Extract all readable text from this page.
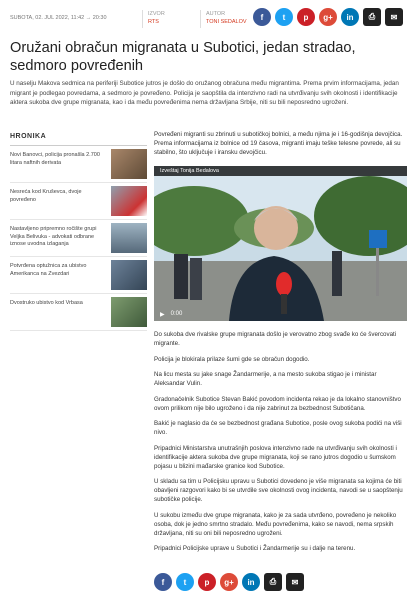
SUBOTA, 02. JUL 2022, 11:42 → 20:30
IZVOR
RTS
AUTOR
TONI SEDALOV
f	t	p	g+	in	⎙	✉
Oružani obračun migranata u Subotici, jedan stradao, sedmoro povređenih

U naselju Makova sedmica na periferiji Subotice jutros je došlo do oružanog obračuna među migrantima. Prema prvim informacijama, jedan migrant je podlegao povredama, a sedmoro je povređeno. Policija je saopštila da intenzivno radi na utvrđivanju svih okolnosti i identifikacije aktera sukoba dve grupe migranata, kao i da među povređenima nema državljana Srbije, niti su bili neposredno ugroženi.

HRONIKA
Novi Banovci, policija pronašla 2.700 litara naftnih derivata
Nesreća kod Kruševca, dvoje povređeno
Nastavljeno pripremno ročište grupi Veljka Belivuka - advokati odbrane iznose uvodna izlaganja
Potvrđena optužnica za ubistvo Amerikanca na Zvezdari
Dvostruko ubistvo kod Vrbasa

Povređeni migranti su zbrinuti u subotičkoj bolnici, a među njima je i 16-godišnja devojčica. Prema informacijama iz bolnice od 19 časova, migranti imaju teške telesne povrede, ali su stabilno, što uključuje i iransku devojčicu.

Izveštaj Tonija Bedalova
▶ 0:00

Do sukoba dve rivalske grupe migranata došlo je verovatno zbog svađe ko će švercovati migrante.

Policija je blokirala prilaze šumi gde se obračun dogodio.

Na licu mesta su jake snage Žandarmerije, a na mesto sukoba stigao je i ministar Aleksandar Vulin.

Gradonačelnik Subotice Stevan Bakić povodom incidenta rekao je da lokalno stanovništvo ovom prilikom nije bilo ugroženo i da nije zabrinut za bezbednost Subotičana.

Bakić je naglasio da će se bezbednost građana Subotice, posle ovog sukoba podići na viši nivo.

Pripadnici Ministarstva unutrašnjih poslova intenzivno rade na utvrđivanju svih okolnosti i identifikacije aktera sukoba dve grupe migranata, koji se rano jutros dogodio u šumskom pojasu u blizini mađarske granice kod Subotice.

U skladu sa tim u Policijsku upravu u Subotici dovedeno je više migranata sa kojima će biti obavljeni razgovori kako bi se utvrdile sve okolnosti ovog incidenta, navodi se u saopštenju subotičke policije.

U sukobu između dve grupe migranata, kako je za sada utvrđeno, povređeno je nekoliko osoba, dok je jedno smrtno stradalo. Među povređenima, kako se navodi, nema srpskih državljana, niti su oni bili neposredno ugroženi.

Pripadnici Policijske uprave u Subotici i Žandarmerije su i dalje na terenu.

f	t	p	g+	in	⎙	✉
